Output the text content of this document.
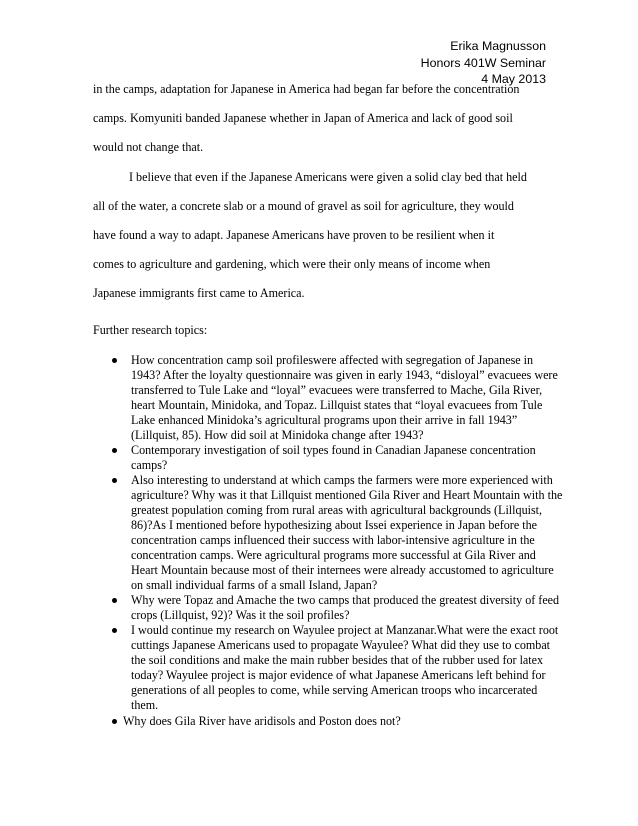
Erika Magnusson
Honors 401W Seminar
4 May 2013
in the camps, adaptation for Japanese in America had began far before the concentration
camps. Komyuniti banded Japanese whether in Japan of America and lack of good soil
would not change that.
I believe that even if the Japanese Americans were given a solid clay bed that held
all of the water, a concrete slab or a mound of gravel as soil for agriculture, they would
have found a way to adapt. Japanese Americans have proven to be resilient when it
comes to agriculture and gardening, which were their only means of income when
Japanese immigrants first came to America.
Further research topics:
How concentration camp soil profileswere affected with segregation of Japanese in 1943? After the loyalty questionnaire was given in early 1943, “disloyal” evacuees were transferred to Tule Lake and “loyal” evacuees were transferred to Mache, Gila River, heart Mountain, Minidoka, and Topaz. Lillquist states that “loyal evacuees from Tule Lake enhanced Minidoka’s agricultural programs upon their arrive in fall 1943” (Lillquist, 85). How did soil at Minidoka change after 1943?
Contemporary investigation of soil types found in Canadian Japanese concentration camps?
Also interesting to understand at which camps the farmers were more experienced with agriculture? Why was it that Lillquist mentioned Gila River and Heart Mountain with the greatest population coming from rural areas with agricultural backgrounds (Lillquist, 86)?As I mentioned before hypothesizing about Issei experience in Japan before the concentration camps influenced their success with labor-intensive agriculture in the concentration camps. Were agricultural programs more successful at Gila River and Heart Mountain because most of their internees were already accustomed to agriculture on small individual farms of a small Island, Japan?
Why were Topaz and Amache the two camps that produced the greatest diversity of feed crops (Lillquist, 92)? Was it the soil profiles?
I would continue my research on Wayulee project at Manzanar.What were the exact root cuttings Japanese Americans used to propagate Wayulee? What did they use to combat the soil conditions and make the main rubber besides that of the rubber used for latex today? Wayulee project is major evidence of what Japanese Americans left behind for generations of all peoples to come, while serving American troops who incarcerated them.
Why does Gila River have aridisols and Poston does not?
